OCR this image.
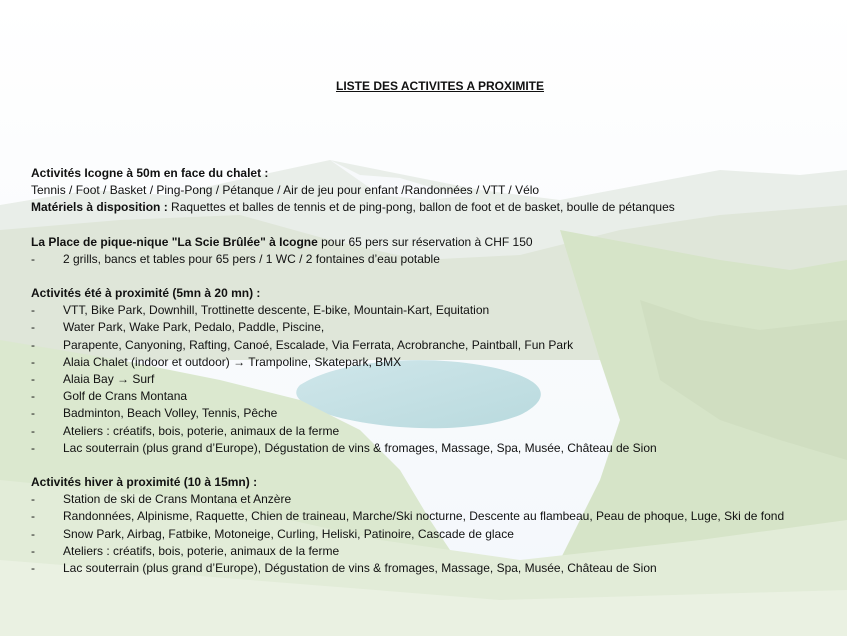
LISTE DES ACTIVITES A PROXIMITE
Activités Icogne à 50m en face du chalet :
Tennis / Foot / Basket / Ping-Pong / Pétanque / Air de jeu pour enfant /Randonnées / VTT / Vélo
Matériels à disposition : Raquettes et balles de tennis et de ping-pong, ballon de foot et de basket, boulle de pétanques
La Place de pique-nique "La Scie Brûlée" à Icogne pour 65 pers sur réservation à CHF 150
-	2 grills, bancs et tables pour 65 pers / 1 WC / 2 fontaines d’eau potable
Activités été à proximité (5mn à 20 mn) :
-	VTT, Bike Park, Downhill, Trottinette descente, E-bike, Mountain-Kart, Equitation
-	Water Park, Wake Park, Pedalo, Paddle, Piscine,
-	Parapente, Canyoning, Rafting, Canoé, Escalade, Via Ferrata, Acrobranche, Paintball, Fun Park
-	Alaia Chalet (indoor et outdoor) → Trampoline, Skatepark, BMX
-	Alaia Bay → Surf
-	Golf de Crans Montana
-	Badminton, Beach Volley, Tennis, Pêche
-	Ateliers : créatifs, bois, poterie, animaux de la ferme
-	Lac souterrain (plus grand d’Europe), Dégustation de vins & fromages, Massage, Spa, Musée, Château de Sion
Activités hiver à proximité (10 à 15mn) :
-	Station de ski de Crans Montana et Anzère
-	Randonnées, Alpinisme, Raquette, Chien de traineau, Marche/Ski nocturne, Descente au flambeau, Peau de phoque, Luge, Ski de fond
-	Snow Park, Airbag, Fatbike, Motoneige, Curling, Heliski, Patinoire, Cascade de glace
-	Ateliers : créatifs, bois, poterie, animaux de la ferme
-	Lac souterrain (plus grand d’Europe), Dégustation de vins & fromages, Massage, Spa, Musée, Château de Sion
